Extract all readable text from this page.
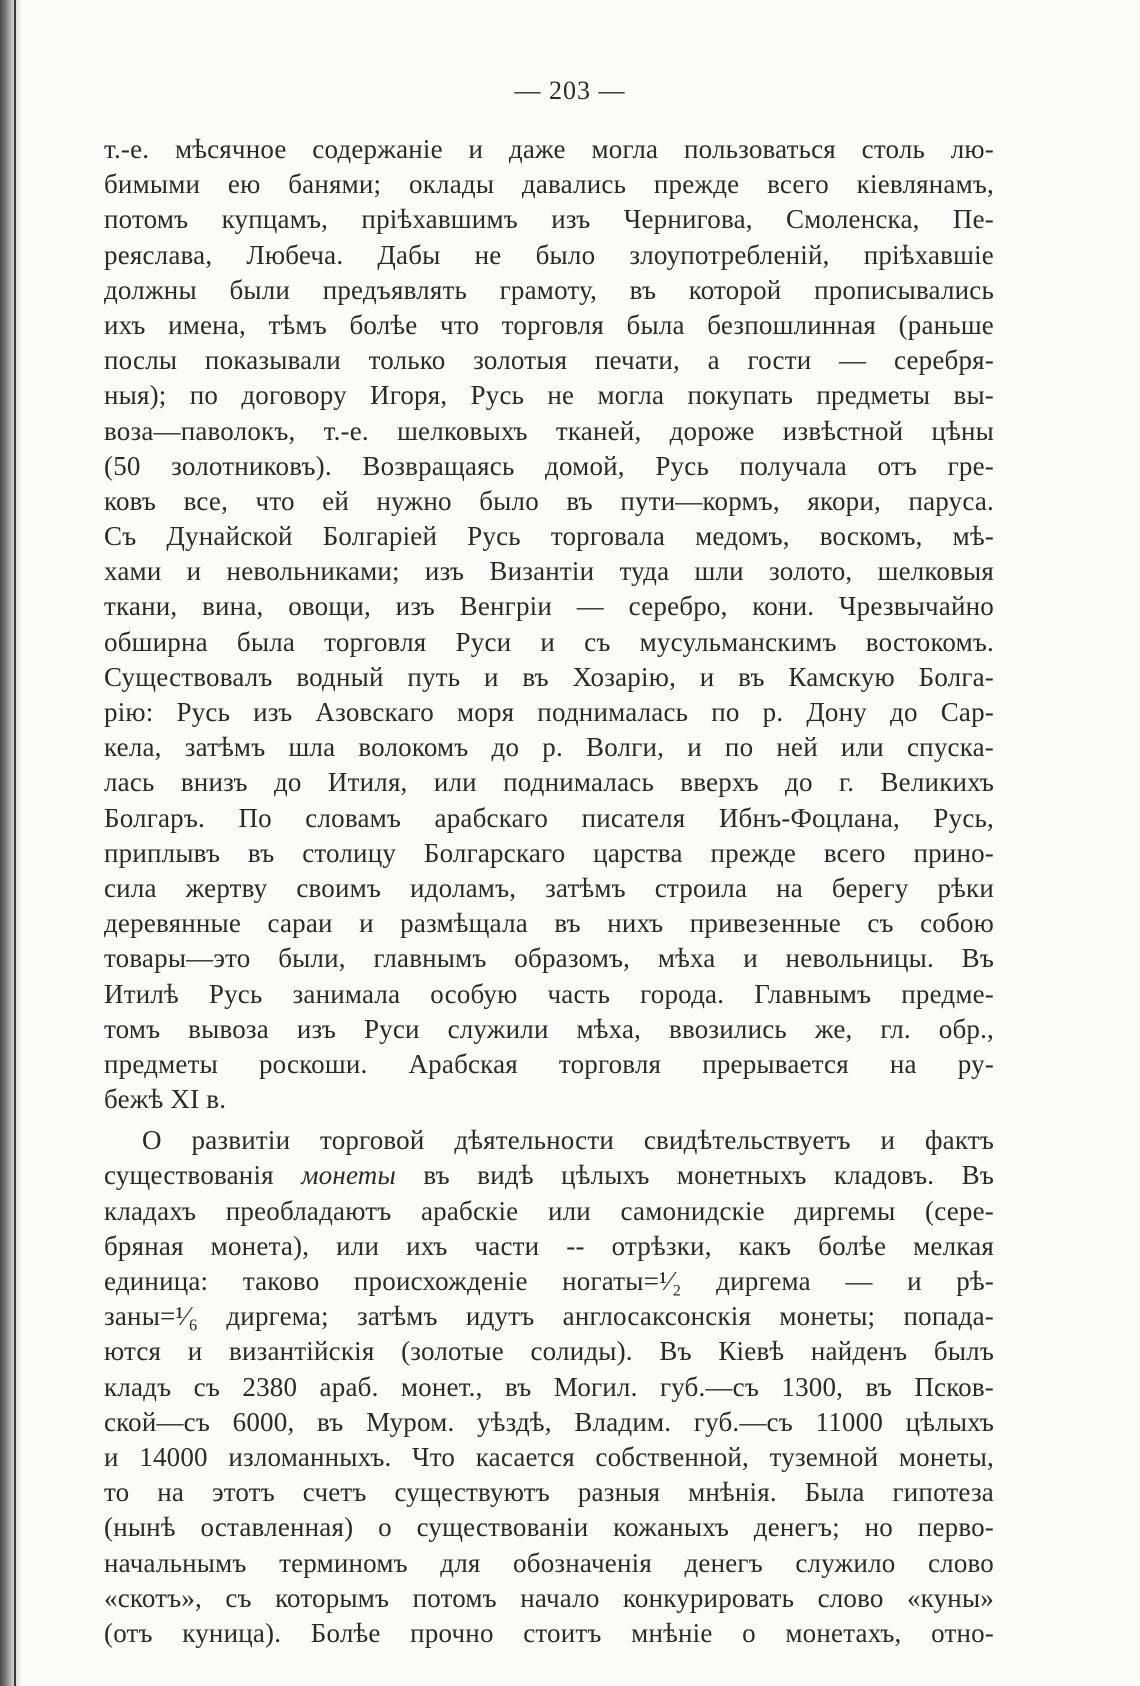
— 203 —
т.-е. мѣсячное содержаніе и даже могла пользоваться столь лю-
бимыми ею банями; оклады давались прежде всего кіевлянамъ,
потомъ купцамъ, пріѣхавшимъ изъ Чернигова, Смоленска, Пе-
реяслава, Любеча. Дабы не было злоупотребленій, пріѣхавшіе
должны были предъявлять грамоту, въ которой прописывались
ихъ имена, тѣмъ болѣе что торговля была безпошлинная (раньше
послы показывали только золотыя печати, а гости — серебря-
ныя); по договору Игоря, Русь не могла покупать предметы вы-
воза—паволокъ, т.-е. шелковыхъ тканей, дороже извѣстной цѣны
(50 золотниковъ). Возвращаясь домой, Русь получала отъ гре-
ковъ все, что ей нужно было въ пути—кормъ, якори, паруса.
Съ Дунайской Болгаріей Русь торговала медомъ, воскомъ, мѣ-
хами и невольниками; изъ Византіи туда шли золото, шелковыя
ткани, вина, овощи, изъ Венгріи — серебро, кони. Чрезвычайно
обширна была торговля Руси и съ мусульманскимъ востокомъ.
Существовалъ водный путь и въ Хозарію, и въ Камскую Болга-
рію: Русь изъ Азовскаго моря поднималась по р. Дону до Сар-
кела, затѣмъ шла волокомъ до р. Волги, и по ней или спуска-
лась внизъ до Итиля, или поднималась вверхъ до г. Великихъ
Болгаръ. По словамъ арабскаго писателя Ибнъ-Фоцлана, Русь,
приплывъ въ столицу Болгарскаго царства прежде всего прино-
сила жертву своимъ идоламъ, затѣмъ строила на берегу рѣки
деревянные сараи и размѣщала въ нихъ привезенные съ собою
товары—это были, главнымъ образомъ, мѣха и невольницы. Въ
Итилѣ Русь занимала особую часть города. Главнымъ предме-
томъ вывоза изъ Руси служили мѣха, ввозились же, гл. обр.,
предметы роскоши. Арабская торговля прерывается на ру-
бежѣ XI в.
О развитіи торговой дѣятельности свидѣтельствуетъ и фактъ
существованія монеты въ видѣ цѣлыхъ монетныхъ кладовъ. Въ
кладахъ преобладаютъ арабскіе или самонидскіе диргемы (сере-
бряная монета), или ихъ части -- отрѣзки, какъ болѣе мелкая
единица: таково происхожденіе ногаты=¹⁄₂ диргема — и рѣ-
заны=¹⁄₆ диргема; затѣмъ идутъ англосаксонскія монеты; попада-
ются и византійскія (золотые солиды). Въ Кіевѣ найденъ былъ
кладъ съ 2380 араб. монет., въ Могил. губ.—съ 1300, въ Псков-
ской—съ 6000, въ Муром. уѣздѣ, Владим. губ.—съ 11000 цѣлыхъ
и 14000 изломанныхъ. Что касается собственной, туземной монеты,
то на этотъ счетъ существуютъ разныя мнѣнія. Была гипотеза
(нынѣ оставленная) о существованіи кожаныхъ денегъ; но перво-
начальнымъ терминомъ для обозначенія денегъ служило слово
«скотъ», съ которымъ потомъ начало конкурировать слово «куны»
(отъ куница). Болѣе прочно стоитъ мнѣніе о монетахъ, отно-
